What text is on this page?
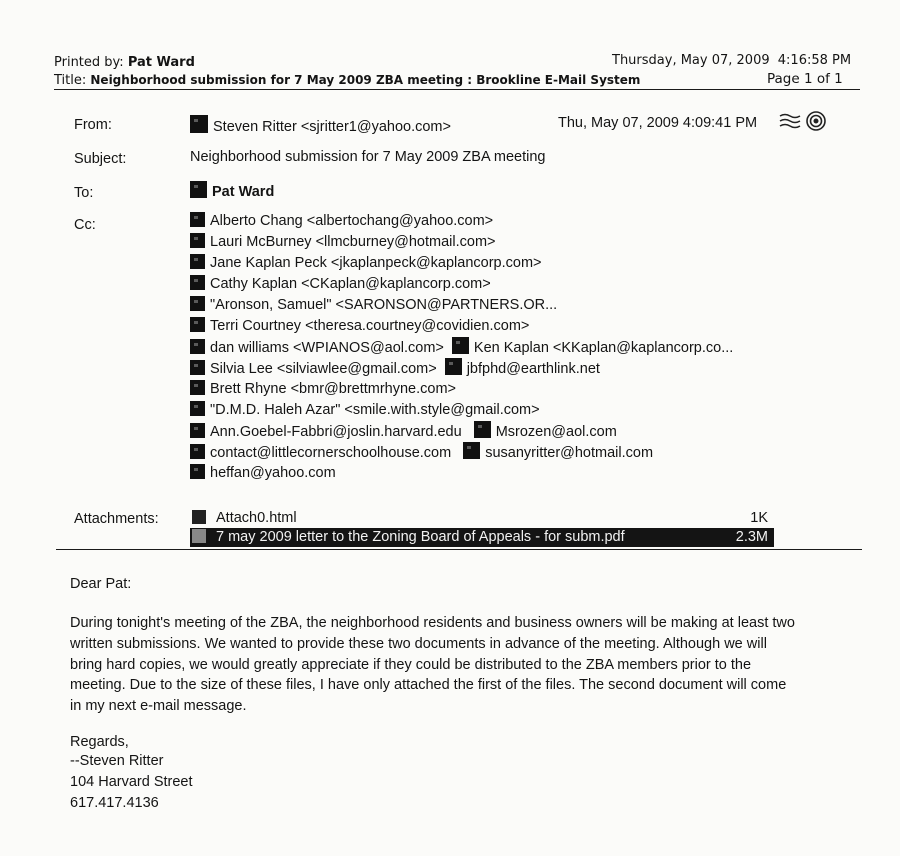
Printed by: Pat Ward	Thursday, May 07, 2009 4:16:58 PM
Title: Neighborhood submission for 7 May 2009 ZBA meeting : Brookline E-Mail System	Page 1 of 1
From:	Steven Ritter <sjritter1@yahoo.com>	Thu, May 07, 2009 4:09:41 PM
Subject:	Neighborhood submission for 7 May 2009 ZBA meeting
To:	Pat Ward
Cc:	Alberto Chang <albertochang@yahoo.com>
Lauri McBurney <llmcburney@hotmail.com>
Jane Kaplan Peck <jkaplanpeck@kaplancorp.com>
Cathy Kaplan <CKaplan@kaplancorp.com>
"Aronson, Samuel" <SARONSON@PARTNERS.OR...
Terri Courtney <theresa.courtney@covidien.com>
dan williams <WPIANOS@aol.com> Ken Kaplan <KKaplan@kaplancorp.co...
Silvia Lee <silviawlee@gmail.com> jbfphd@earthlink.net
Brett Rhyne <bmr@brettmrhyne.com>
"D.M.D. Haleh Azar" <smile.with.style@gmail.com>
Ann.Goebel-Fabbri@joslin.harvard.edu Msrozen@aol.com
contact@littlecornerschoolhouse.com susanyritter@hotmail.com
heffan@yahoo.com
Attachments:	Attach0.html	1K
7 may 2009 letter to the Zoning Board of Appeals - for subm.pdf	2.3M
Dear Pat:
During tonight's meeting of the ZBA, the neighborhood residents and business owners will be making at least two
written submissions. We wanted to provide these two documents in advance of the meeting. Although we will
bring hard copies, we would greatly appreciate if they could be distributed to the ZBA members prior to the
meeting. Due to the size of these files, I have only attached the first of the files. The second document will come
in my next e-mail message.
Regards,
--Steven Ritter
104 Harvard Street
617.417.4136
